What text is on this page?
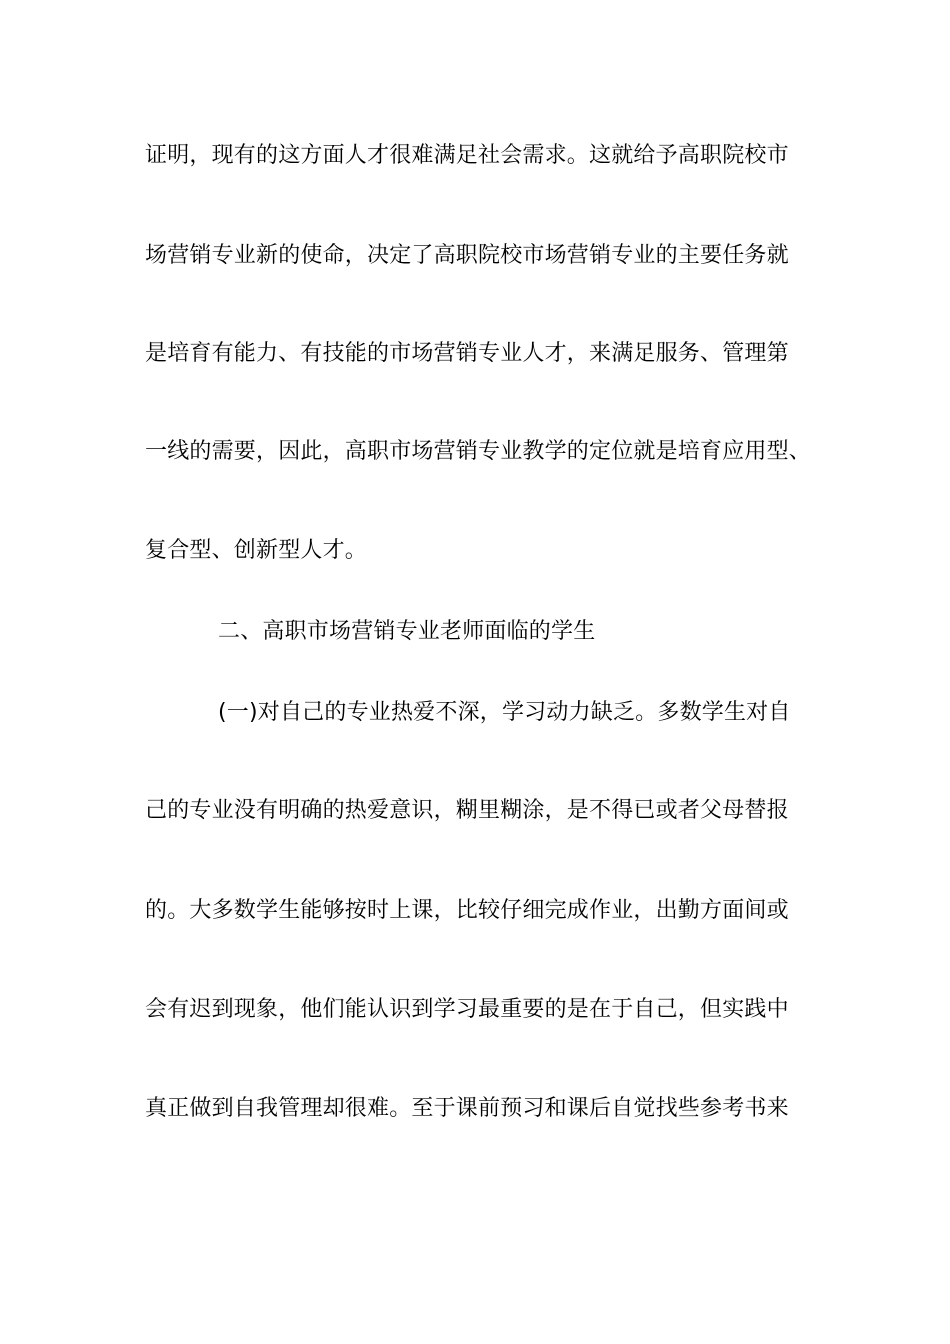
证明，现有的这方面人才很难满足社会需求。这就给予高职院校市
场营销专业新的使命，决定了高职院校市场营销专业的主要任务就
是培育有能力、有技能的市场营销专业人才，来满足服务、管理第
一线的需要，因此，高职市场营销专业教学的定位就是培育应用型、
复合型、创新型人才。
二、高职市场营销专业老师面临的学生
(一)对自己的专业热爱不深，学习动力缺乏。多数学生对自
己的专业没有明确的热爱意识，糊里糊涂，是不得已或者父母替报
的。大多数学生能够按时上课，比较仔细完成作业，出勤方面间或
会有迟到现象，他们能认识到学习最重要的是在于自己，但实践中
真正做到自我管理却很难。至于课前预习和课后自觉找些参考书来
